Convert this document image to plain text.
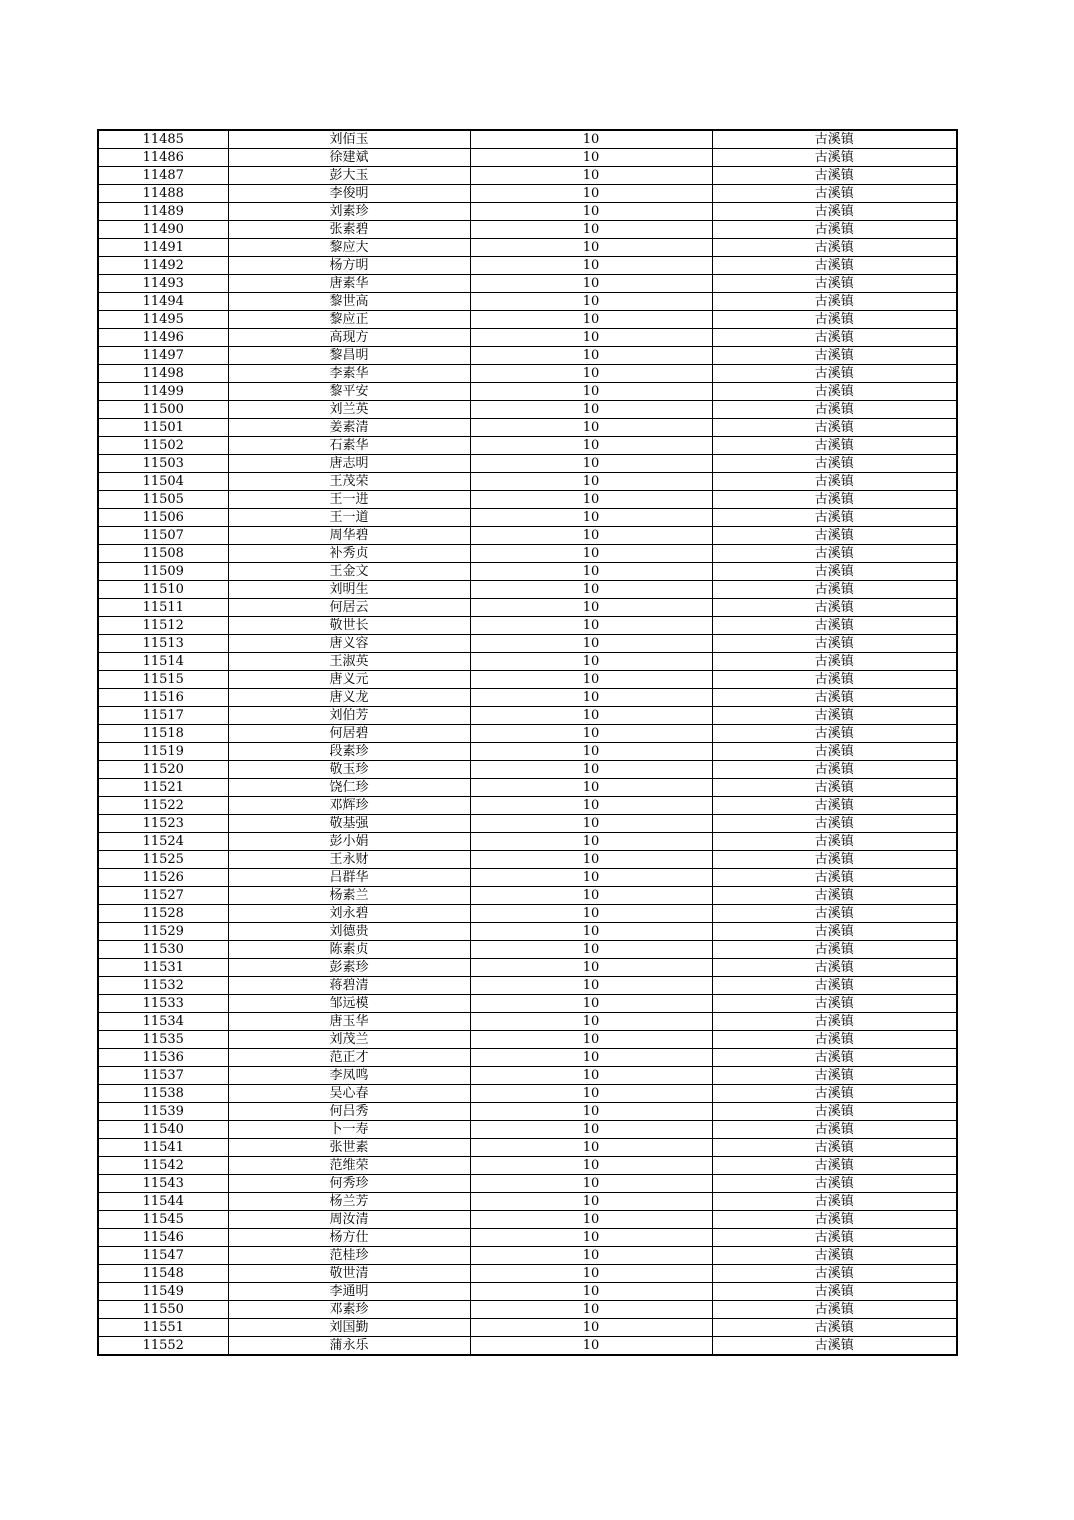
11485	刘佰玉	10	古溪镇
11486	徐建斌	10	古溪镇
11487	彭大玉	10	古溪镇
11488	李俊明	10	古溪镇
11489	刘素珍	10	古溪镇
11490	张素碧	10	古溪镇
11491	黎应大	10	古溪镇
11492	杨方明	10	古溪镇
11493	唐素华	10	古溪镇
11494	黎世高	10	古溪镇
11495	黎应正	10	古溪镇
11496	高现方	10	古溪镇
11497	黎昌明	10	古溪镇
11498	李素华	10	古溪镇
11499	黎平安	10	古溪镇
11500	刘兰英	10	古溪镇
11501	姜素清	10	古溪镇
11502	石素华	10	古溪镇
11503	唐志明	10	古溪镇
11504	王茂荣	10	古溪镇
11505	王一进	10	古溪镇
11506	王一道	10	古溪镇
11507	周华碧	10	古溪镇
11508	补秀贞	10	古溪镇
11509	王金文	10	古溪镇
11510	刘明生	10	古溪镇
11511	何居云	10	古溪镇
11512	敬世长	10	古溪镇
11513	唐义容	10	古溪镇
11514	王淑英	10	古溪镇
11515	唐义元	10	古溪镇
11516	唐义龙	10	古溪镇
11517	刘伯芳	10	古溪镇
11518	何居碧	10	古溪镇
11519	段素珍	10	古溪镇
11520	敬玉珍	10	古溪镇
11521	饶仁珍	10	古溪镇
11522	邓辉珍	10	古溪镇
11523	敬基强	10	古溪镇
11524	彭小娟	10	古溪镇
11525	王永财	10	古溪镇
11526	吕群华	10	古溪镇
11527	杨素兰	10	古溪镇
11528	刘永碧	10	古溪镇
11529	刘德贵	10	古溪镇
11530	陈素贞	10	古溪镇
11531	彭素珍	10	古溪镇
11532	蒋碧清	10	古溪镇
11533	邹远模	10	古溪镇
11534	唐玉华	10	古溪镇
11535	刘茂兰	10	古溪镇
11536	范正才	10	古溪镇
11537	李凤鸣	10	古溪镇
11538	吴心春	10	古溪镇
11539	何吕秀	10	古溪镇
11540	卜一寿	10	古溪镇
11541	张世素	10	古溪镇
11542	范维荣	10	古溪镇
11543	何秀珍	10	古溪镇
11544	杨兰芳	10	古溪镇
11545	周汝清	10	古溪镇
11546	杨方仕	10	古溪镇
11547	范桂珍	10	古溪镇
11548	敬世清	10	古溪镇
11549	李通明	10	古溪镇
11550	邓素珍	10	古溪镇
11551	刘国勤	10	古溪镇
11552	蒲永乐	10	古溪镇
